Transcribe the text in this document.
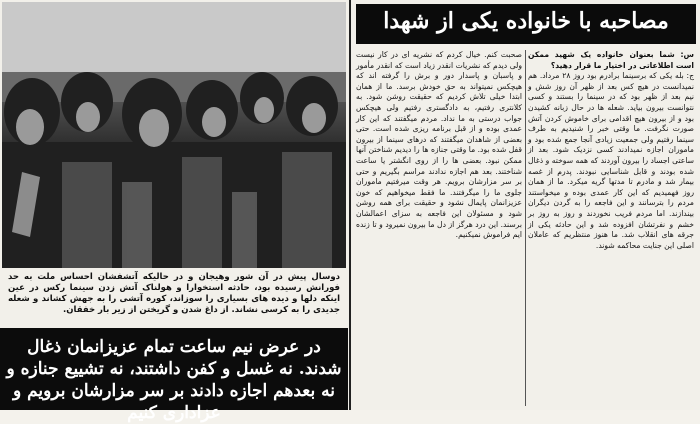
دوسال پیش در آن شور وهیجان و در حالیکه آتشفشان احساس ملت به حد فورانش رسیده بود، حادثه استخوارا و هولناک آتش زدن سینما رکس در عین اینکه دلها و دیده های بسیاری را سوزاند، کوره آتشی را به جهش کشاند و شعله جدیدی را به کرسی نشاند. از داغ شدن و گریختن از زیر بار خفقان.
در عرض نیم ساعت تمام عزیزانمان ذغال شدند. نه غسل و کفن داشتند، نه تشییع جنازه و نه بعدهم اجازه دادند بر سر مزارشان برویم و عزاداری کنیم
مصاحبه با خانواده یکی از شهدا
س: شما بعنوان خانواده یک شهید ممکن است اطلاعاتی در اختیار ما قرار دهید؟
ج: بله یکی که برسینما برادرم بود روز ۲۸ مرداد. هم نمیدانست در هیچ کس بعد از ظهر آن روز شش و نیم بعد از ظهر بود که در سینما را بستند و کسی نتوانست بیرون بیاید. شعله ها در حال زبانه کشیدن بود و از بیرون هیچ اقدامی برای خاموش کردن آتش صورت نگرفت. ما وقتی خبر را شنیدیم به طرف سینما رفتیم ولی جمعیت زیادی آنجا جمع شده بود و ماموران اجازه نمیدادند کسی نزدیک شود. بعد از ساعتی اجساد را بیرون آوردند که همه سوخته و ذغال شده بودند و قابل شناسایی نبودند. پدرم از غصه بیمار شد و مادرم تا مدتها گریه میکرد. ما از همان روز فهمیدیم که این کار عمدی بوده و میخواستند مردم را بترسانند و این فاجعه را به گردن دیگران بیندازند. اما مردم فریب نخوردند و روز به روز بر خشم و نفرتشان افزوده شد و این حادثه یکی از جرقه های انقلاب شد. ما هنوز منتظریم که عاملان اصلی این جنایت محاکمه شوند.
صحبت کنم. خیال کردم که نشریه ای در کار نیست ولی دیدم که نشریات انقدر زیاد است که انقدر مأمور و پاسبان و پاسدار دور و برش را گرفته اند که هیچکس نمیتواند به حق خودش برسد. ما از همان ابتدا خیلی تلاش کردیم که حقیقت روشن شود. به کلانتری رفتیم، به دادگستری رفتیم ولی هیچکس جواب درستی به ما نداد. مردم میگفتند که این کار عمدی بوده و از قبل برنامه ریزی شده است. حتی بعضی از شاهدان میگفتند که درهای سینما از بیرون قفل شده بود. ما وقتی جنازه ها را دیدیم شناختن آنها ممکن نبود. بعضی ها را از روی انگشتر یا ساعت شناختند. بعد هم اجازه ندادند مراسم بگیریم و حتی بر سر مزارشان برویم. هر وقت میرفتیم ماموران جلوی ما را میگرفتند. ما فقط میخواهیم که خون عزیزانمان پایمال نشود و حقیقت برای همه روشن شود و مسئولان این فاجعه به سزای اعمالشان برسند. این درد هرگز از دل ما بیرون نمیرود و تا زنده ایم فراموش نمیکنیم.
